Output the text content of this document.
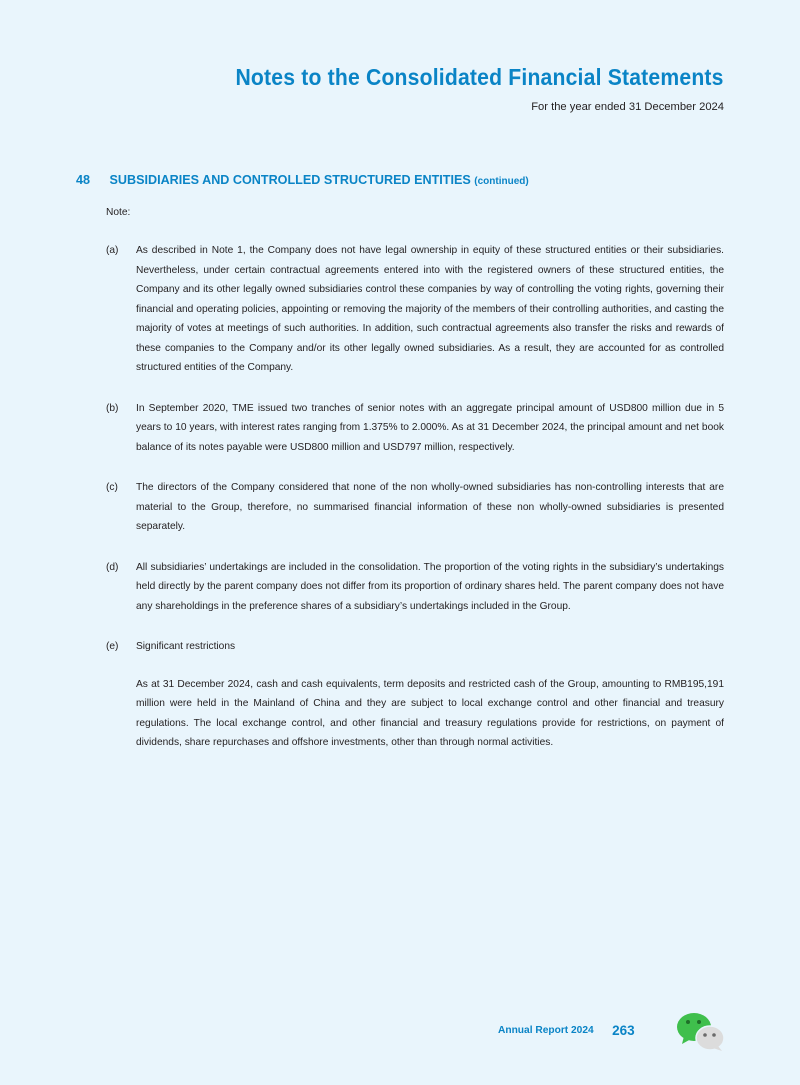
Notes to the Consolidated Financial Statements
For the year ended 31 December 2024
48 SUBSIDIARIES AND CONTROLLED STRUCTURED ENTITIES (continued)
Note:
(a)	As described in Note 1, the Company does not have legal ownership in equity of these structured entities or their subsidiaries. Nevertheless, under certain contractual agreements entered into with the registered owners of these structured entities, the Company and its other legally owned subsidiaries control these companies by way of controlling the voting rights, governing their financial and operating policies, appointing or removing the majority of the members of their controlling authorities, and casting the majority of votes at meetings of such authorities. In addition, such contractual agreements also transfer the risks and rewards of these companies to the Company and/or its other legally owned subsidiaries. As a result, they are accounted for as controlled structured entities of the Company.

(b)	In September 2020, TME issued two tranches of senior notes with an aggregate principal amount of USD800 million due in 5 years to 10 years, with interest rates ranging from 1.375% to 2.000%. As at 31 December 2024, the principal amount and net book balance of its notes payable were USD800 million and USD797 million, respectively.

(c)	The directors of the Company considered that none of the non wholly-owned subsidiaries has non-controlling interests that are material to the Group, therefore, no summarised financial information of these non wholly-owned subsidiaries is presented separately.

(d)	All subsidiaries’ undertakings are included in the consolidation. The proportion of the voting rights in the subsidiary’s undertakings held directly by the parent company does not differ from its proportion of ordinary shares held. The parent company does not have any shareholdings in the preference shares of a subsidiary’s undertakings included in the Group.

(e)	Significant restrictions

As at 31 December 2024, cash and cash equivalents, term deposits and restricted cash of the Group, amounting to RMB195,191 million were held in the Mainland of China and they are subject to local exchange control and other financial and treasury regulations. The local exchange control, and other financial and treasury regulations provide for restrictions, on payment of dividends, share repurchases and offshore investments, other than through normal activities.

Annual Report 2024 263
